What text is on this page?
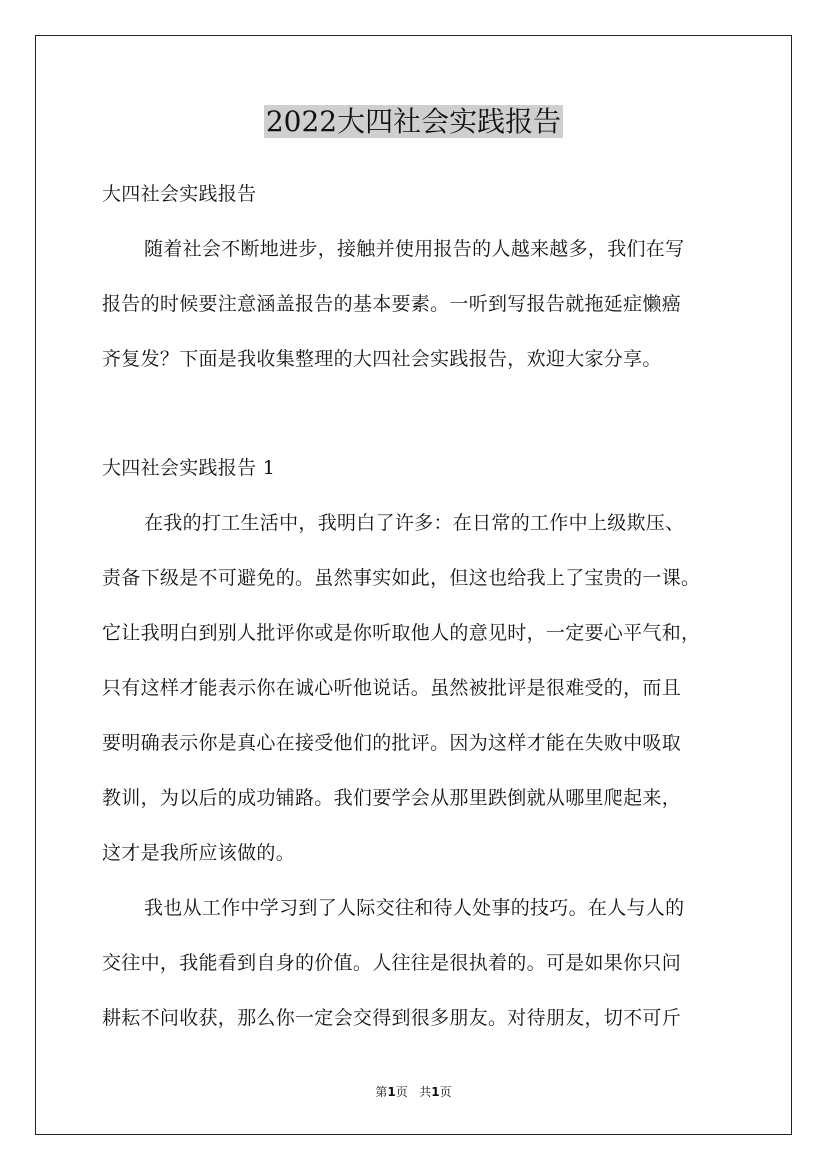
2022大四社会实践报告
大四社会实践报告
随着社会不断地进步，接触并使用报告的人越来越多，我们在写
报告的时候要注意涵盖报告的基本要素。一听到写报告就拖延症懒癌
齐复发？下面是我收集整理的大四社会实践报告，欢迎大家分享。
大四社会实践报告 1
在我的打工生活中，我明白了许多：在日常的工作中上级欺压、
责备下级是不可避免的。虽然事实如此，但这也给我上了宝贵的一课。
它让我明白到别人批评你或是你听取他人的意见时，一定要心平气和，
只有这样才能表示你在诚心听他说话。虽然被批评是很难受的，而且
要明确表示你是真心在接受他们的批评。因为这样才能在失败中吸取
教训，为以后的成功铺路。我们要学会从那里跌倒就从哪里爬起来，
这才是我所应该做的。
我也从工作中学习到了人际交往和待人处事的技巧。在人与人的
交往中，我能看到自身的价值。人往往是很执着的。可是如果你只问
耕耘不问收获，那么你一定会交得到很多朋友。对待朋友，切不可斤
第1页 共1页
